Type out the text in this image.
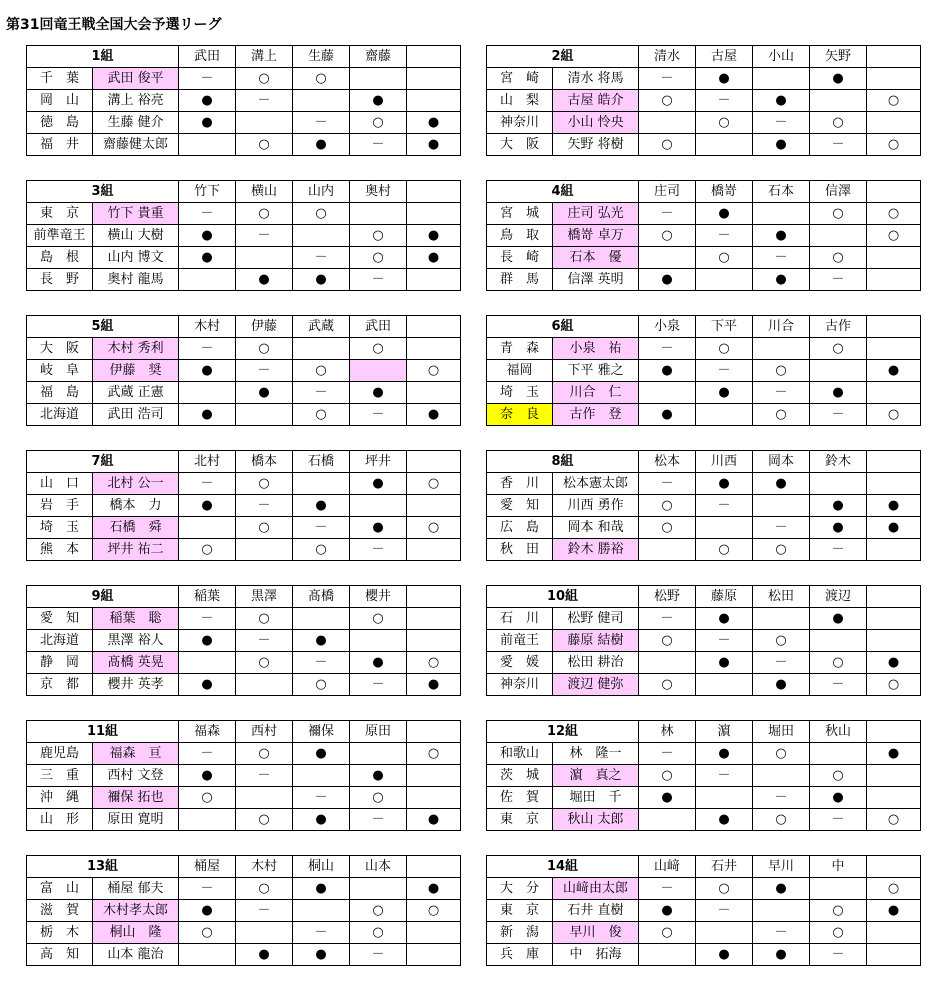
第31回竜王戦全国大会予選リーグ
1組		武田	溝上	生藤	齋藤	
千　葉	武田 俊平	－	○	○		
岡　山	溝上 裕亮	●	－		●	
徳　島	生藤 健介	●		－	○	●
福　井	齋藤健太郎		○	●	－	●
2組		清水	古屋	小山	矢野	
宮　崎	清水 将馬	－	●		●	
山　梨	古屋 皓介	○	－	●		○
神奈川	小山 怜央		○	－	○	
大　阪	矢野 将樹	○		●	－	○
3組		竹下	横山	山内	奥村	
東　京	竹下 貴重	－	○	○		
前準竜王	横山 大樹	●	－		○	●
島　根	山内 博文	●		－	○	●
長　野	奥村 龍馬		●	●	－	
4組		庄司	橋嵜	石本	信澤	
宮　城	庄司 弘光	－	●		○	○
鳥　取	橋嵜 卓万	○	－	●		○
長　崎	石本　優		○	－	○	
群　馬	信澤 英明	●		●	－	
5組		木村	伊藤	武蔵	武田	
大　阪	木村 秀利	－	○		○	
岐　阜	伊藤　奨	●	－	○		○
福　島	武蔵 正憲		●	－	●	
北海道	武田 浩司	●		○	－	●
6組		小泉	下平	川合	古作	
青　森	小泉　祐	－	○		○	
福岡	下平 雅之	●	－	○		●
埼　玉	川合　仁		●	－	●	
奈　良	古作　登	●		○	－	○
7組		北村	橋本	石橋	坪井	
山　口	北村 公一	－	○		●	○
岩　手	橋本　力	●	－	●		
埼　玉	石橋　舜		○	－	●	○
熊　本	坪井 祐二	○		○	－	
8組		松本	川西	岡本	鈴木	
香　川	松本憲太郎	－	●	●		
愛　知	川西 勇作	○	－		●	●
広　島	岡本 和哉	○		－	●	●
秋　田	鈴木 勝裕		○	○	－	
9組		稲葉	黒澤	髙橋	櫻井	
愛　知	稲葉　聡	－	○		○	
北海道	黒澤 裕人	●	－	●		
静　岡	髙橋 英晃		○	－	●	○
京　都	櫻井 英孝	●		○	－	●
10組		松野	藤原	松田	渡辺	
石　川	松野 健司	－	●		●	
前竜王	藤原 結樹	○	－	○		
愛　媛	松田 耕治		●	－	○	●
神奈川	渡辺 健弥	○		●	－	○
11組		福森	西村	禰保	原田	
鹿児島	福森　亘	－	○	●		○
三　重	西村 文登	●	－		●	
沖　縄	禰保 拓也	○		－	○	
山　形	原田 寛明		○	●	－	●
12組		林	濵	堀田	秋山	
和歌山	林　隆一	－	●	○		●
茨　城	濵　真之	○	－		○	
佐　賀	堀田　千	●		－	●	
東　京	秋山 太郎		●	○	－	○
13組		桶屋	木村	桐山	山本	
富　山	桶屋 郁夫	－	○	●		●
滋　賀	木村孝太郎	●	－		○	○
栃　木	桐山　隆	○		－	○	
高　知	山本 龍治		●	●	－	
14組		山﨑	石井	早川	中	
大　分	山﨑由太郎	－	○	●		○
東　京	石井 直樹	●	－		○	●
新　潟	早川　俊	○		－	○	
兵　庫	中　拓海		●	●	－	
